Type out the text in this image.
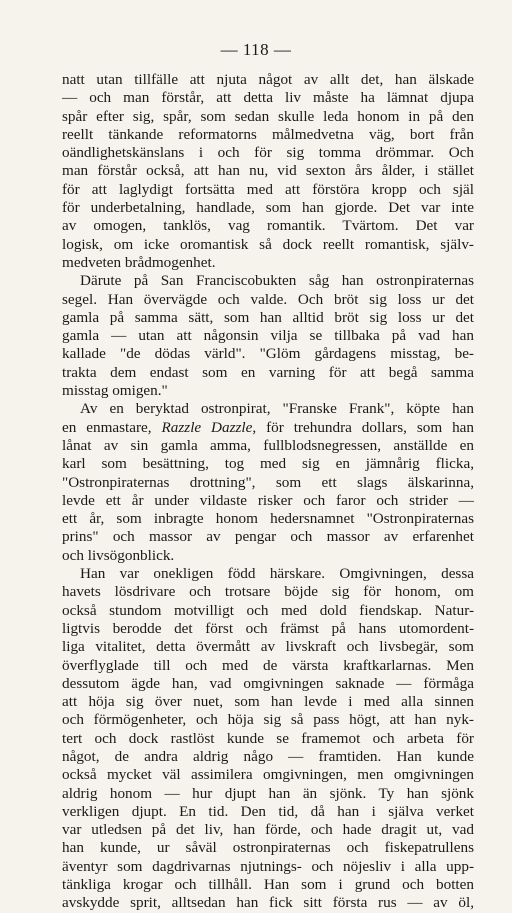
— 118 —
natt utan tillfälle att njuta något av allt det, han älskade
— och man förstår, att detta liv måste ha lämnat djupa
spår efter sig, spår, som sedan skulle leda honom in på den
reellt tänkande reformatorns målmedvetna väg, bort från
oändlighetskänslans i och för sig tomma drömmar. Och
man förstår också, att han nu, vid sexton års ålder, i stället
för att laglydigt fortsätta med att förstöra kropp och själ
för underbetalning, handlade, som han gjorde. Det var inte
av omogen, tanklös, vag romantik. Tvärtom. Det var
logisk, om icke oromantisk så dock reellt romantisk, själv-
medveten brådmogenhet.
Därute på San Franciscobukten såg han ostronpiraternas
segel. Han övervägde och valde. Och bröt sig loss ur det
gamla på samma sätt, som han alltid bröt sig loss ur det
gamla — utan att någonsin vilja se tillbaka på vad han
kallade "de dödas värld". "Glöm gårdagens misstag, be-
trakta dem endast som en varning för att begå samma
misstag omigen."
Av en beryktad ostronpirat, "Franske Frank", köpte han
en enmastare, Razzle Dazzle, för trehundra dollars, som han
lånat av sin gamla amma, fullblodsnegressen, anställde en
karl som besättning, tog med sig en jämnårig flicka,
"Ostronpiraternas drottning", som ett slags älskarinna,
levde ett år under vildaste risker och faror och strider —
ett år, som inbragte honom hedersnamnet "Ostronpiraternas
prins" och massor av pengar och massor av erfarenhet
och livsögonblick.
Han var onekligen född härskare. Omgivningen, dessa
havets lösdrivare och trotsare böjde sig för honom, om
också stundom motvilligt och med dold fiendskap. Natur-
ligtvis berodde det först och främst på hans utomordent-
liga vitalitet, detta övermått av livskraft och livsbegär, som
överflyglade till och med de värsta kraftkarlarnas. Men
dessutom ägde han, vad omgivningen saknade — förmåga
att höja sig över nuet, som han levde i med alla sinnen
och förmögenheter, och höja sig så pass högt, att han nyk-
tert och dock rastlöst kunde se framemot och arbeta för
något, de andra aldrig någo — framtiden. Han kunde
också mycket väl assimilera omgivningen, men omgivningen
aldrig honom — hur djupt han än sjönk. Ty han sjönk
verkligen djupt. En tid. Den tid, då han i själva verket
var utledsen på det liv, han förde, och hade dragit ut, vad
han kunde, ur såväl ostronpiraternas och fiskepatrullens
äventyr som dagdrivarnas njutnings- och nöjesliv i alla upp-
tänkliga krogar och tillhåll. Han som i grund och botten
avskydde sprit, alltsedan han fick sitt första rus — av öl,
